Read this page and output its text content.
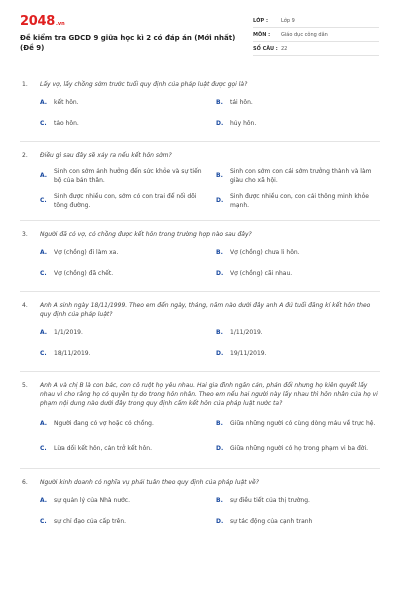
2048 .vn
Đề kiểm tra GDCD 9 giữa học kì 2 có đáp án (Mới nhất) (Đề 9)
LỚP :	Lớp 9
MÔN :	Giáo dục công dân
SỐ CÂU : 22
1. Lấy vợ, lấy chồng sớm trước tuổi quy định của pháp luật được gọi là?
A.	kết hôn.	B.	tái hôn.
C.	tảo hôn.	D.	hủy hôn.
2. Điều gì sau đây sẽ xảy ra nếu kết hôn sớm?
A.
Sinh con sớm ảnh hưởng đến sức khỏe và sự tiến bộ của bản thân.
B.
Sinh con sớm con cái sớm trưởng thành và làm giàu cho xã hội.
C.
Sinh được nhiều con, sớm có con trai để nối dõi tông đường.
D.
Sinh được nhiều con, con cái thông minh khỏe mạnh.
3. Người đã có vợ, có chồng được kết hôn trong trường hợp nào sau đây?
A.	Vợ (chồng) đi làm xa.	B.	Vợ (chồng) chưa li hôn.
C.	Vợ (chồng) đã chết.	D.	Vợ (chồng) cãi nhau.
4. Anh A sinh ngày 18/11/1999. Theo em đến ngày, tháng, năm nào dưới đây anh A đủ tuổi đăng kí kết hôn theo quy định của pháp luật?
A.	1/1/2019.	B.	1/11/2019.
C.	18/11/2019.	D.	19/11/2019.
5. Anh A và chị B là con bác, con cô ruột họ yêu nhau. Hai gia đình ngăn cản, phản đối nhưng họ kiên quyết lấy nhau vì cho rằng họ có quyền tự do trong hôn nhân. Theo em nếu hai người này lấy nhau thì hôn nhân của họ vi phạm nội dung nào dưới đây trong quy định cấm kết hôn của pháp luật nước ta?
A.	Người đang có vợ hoặc có chồng.	B.	Giữa những người có cùng dòng máu về trực hệ.
C.	Lừa dối kết hôn, cản trở kết hôn.	D.	Giữa những người có họ trong phạm vi ba đời.
6. Người kinh doanh có nghĩa vụ phải tuân theo quy định của pháp luật về?
A.	sự quản lý của Nhà nước.	B.	sự điều tiết của thị trường.
C.	sự chỉ đạo của cấp trên.	D.	sự tác động của cạnh tranh
